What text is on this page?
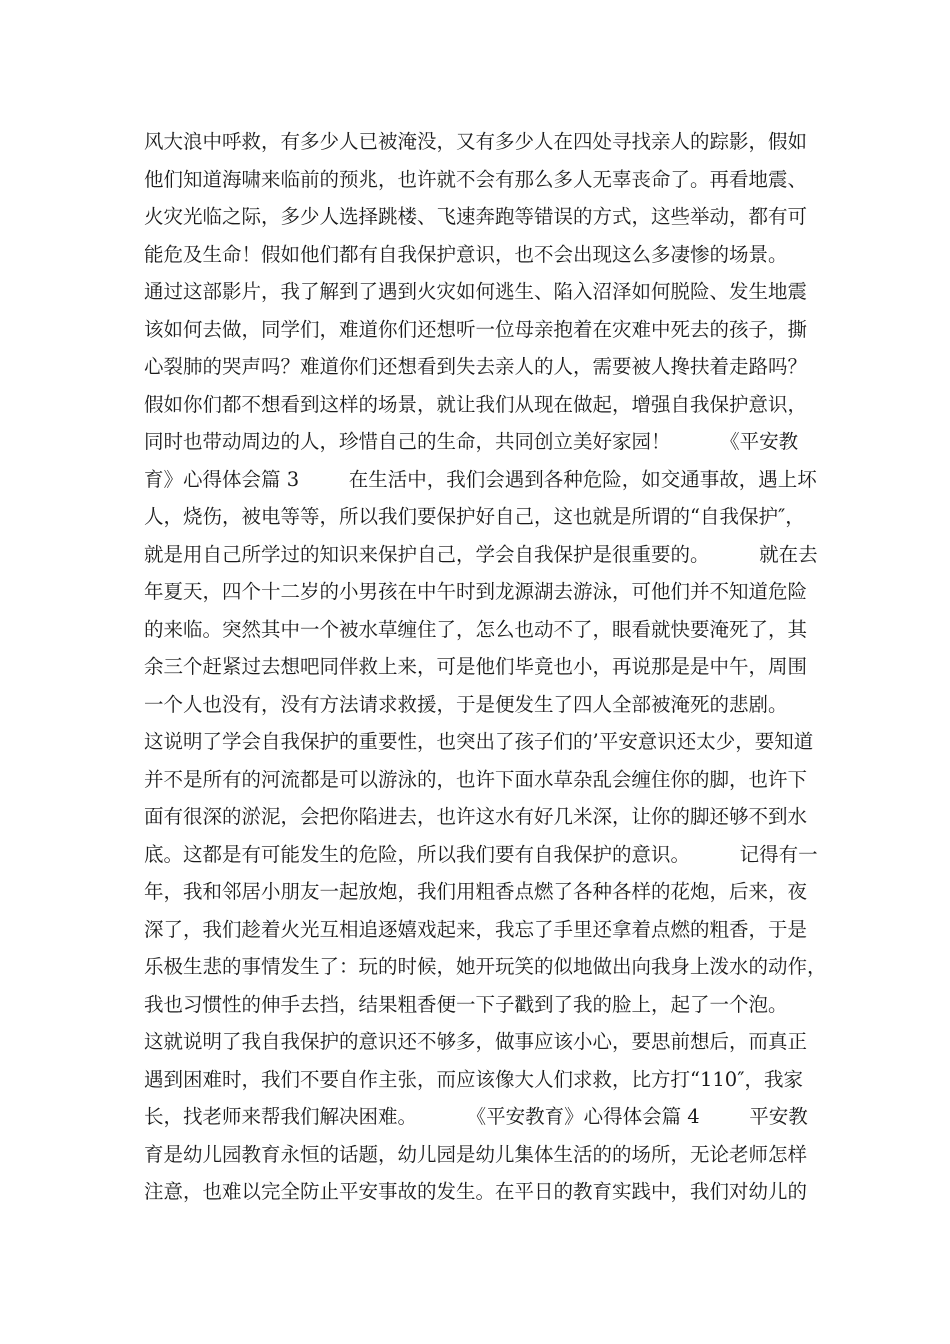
风大浪中呼救，有多少人已被淹没，又有多少人在四处寻找亲人的踪影，假如
他们知道海啸来临前的预兆，也许就不会有那么多人无辜丧命了。再看地震、
火灾光临之际，多少人选择跳楼、飞速奔跑等错误的方式，这些举动，都有可
能危及生命！假如他们都有自我保护意识，也不会出现这么多凄惨的场景。
通过这部影片，我了解到了遇到火灾如何逃生、陷入沼泽如何脱险、发生地震
该如何去做，同学们，难道你们还想听一位母亲抱着在灾难中死去的孩子，撕
心裂肺的哭声吗？难道你们还想看到失去亲人的人，需要被人搀扶着走路吗？
假如你们都不想看到这样的场景，就让我们从现在做起，增强自我保护意识，
同时也带动周边的人，珍惜自己的生命，共同创立美好家园！        《平安教
育》心得体会篇 3        在生活中，我们会遇到各种危险，如交通事故，遇上坏
人，烧伤，被电等等，所以我们要保护好自己，这也就是所谓的“自我保护″，
就是用自己所学过的知识来保护自己，学会自我保护是很重要的。        就在去
年夏天，四个十二岁的小男孩在中午时到龙源湖去游泳，可他们并不知道危险
的来临。突然其中一个被水草缠住了，怎么也动不了，眼看就快要淹死了，其
余三个赶紧过去想吧同伴救上来，可是他们毕竟也小，再说那是是中午，周围
一个人也没有，没有方法请求救援，于是便发生了四人全部被淹死的悲剧。
这说明了学会自我保护的重要性，也突出了孩子们的’平安意识还太少，要知道
并不是所有的河流都是可以游泳的，也许下面水草杂乱会缠住你的脚，也许下
面有很深的淤泥，会把你陷进去，也许这水有好几米深，让你的脚还够不到水
底。这都是有可能发生的危险，所以我们要有自我保护的意识。        记得有一
年，我和邻居小朋友一起放炮，我们用粗香点燃了各种各样的花炮，后来，夜
深了，我们趁着火光互相追逐嬉戏起来，我忘了手里还拿着点燃的粗香，于是
乐极生悲的事情发生了：玩的时候，她开玩笑的似地做出向我身上泼水的动作，
我也习惯性的伸手去挡，结果粗香便一下子戳到了我的脸上，起了一个泡。
这就说明了我自我保护的意识还不够多，做事应该小心，要思前想后，而真正
遇到困难时，我们不要自作主张，而应该像大人们求救，比方打“110″，我家
长，找老师来帮我们解决困难。        《平安教育》心得体会篇 4        平安教
育是幼儿园教育永恒的话题，幼儿园是幼儿集体生活的的场所，无论老师怎样
注意，也难以完全防止平安事故的发生。在平日的教育实践中，我们对幼儿的
